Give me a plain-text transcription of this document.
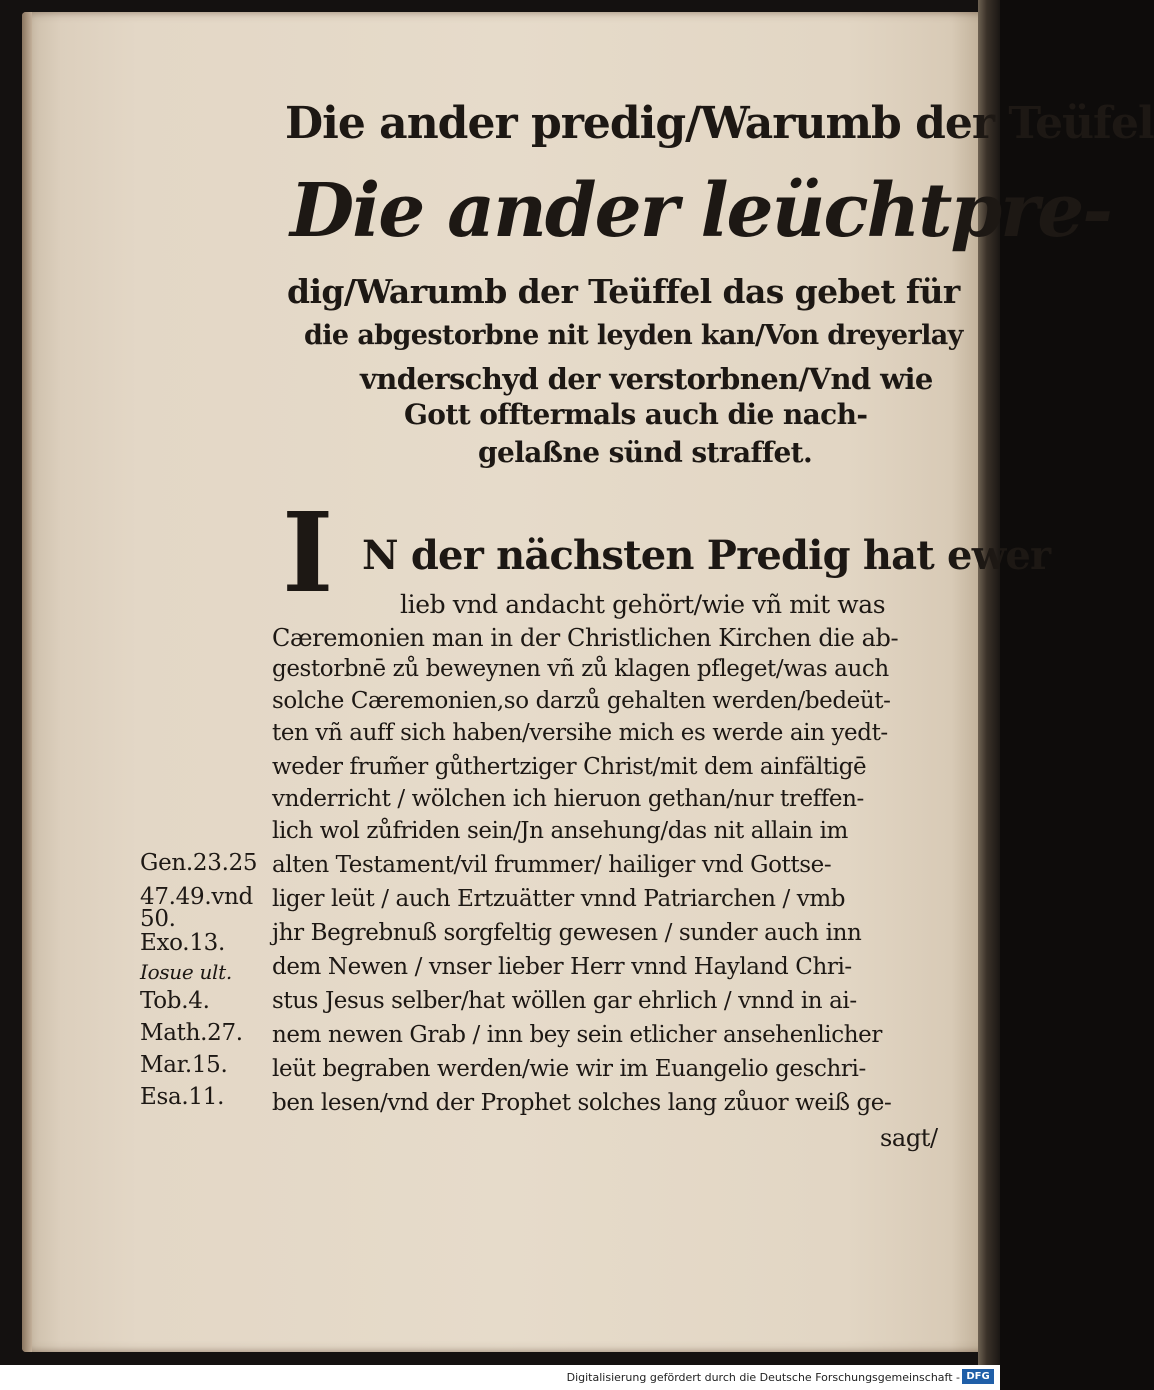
Die ander predig/Warumb der Teüfel
Die ander leüchtpre-
dig/Warumb der Teüffel das gebet für
die abgestorbne nit leyden kan/Von dreyerlay
vnderschyd der verstorbnen/Vnd wie
Gott offtermals auch die nach-
gelaßne sünd straffet.
I N der nächsten Predig hat ewer
lieb vnd andacht gehört/wie vñ mit was
Cæremonien man in der Christlichen Kirchen die ab-
gestorbnē zů beweynen vñ zů klagen pfleget/was auch
solche Cæremonien,so darzů gehalten werden/bedeüt-
ten vñ auff sich haben/versihe mich es werde ain yedt-
weder frum̃er gůthertziger Christ/mit dem ainfältigē
vnderricht / wölchen ich hieruon gethan/nur treffen-
lich wol zůfriden sein/Jn ansehung/das nit allain im
alten Testament/vil frummer/ hailiger vnd Gottse-
liger leüt / auch Ertzuätter vnnd Patriarchen / vmb
jhr Begrebnuß sorgfeltig gewesen / sunder auch inn
dem Newen / vnser lieber Herr vnnd Hayland Chri-
stus Jesus selber/hat wöllen gar ehrlich / vnnd in ai-
nem newen Grab / inn bey sein etlicher ansehenlicher
leüt begraben werden/wie wir im Euangelio geschri-
ben lesen/vnd der Prophet solches lang zůuor weiß ge-
sagt/
Gen.23.25
47.49.vnd
50.
Exo.13.
Iosue ult.
Tob.4.
Math.27.
Mar.15.
Esa.11.
Digitalisierung gefördert durch die Deutsche Forschungsgemeinschaft - DFG
